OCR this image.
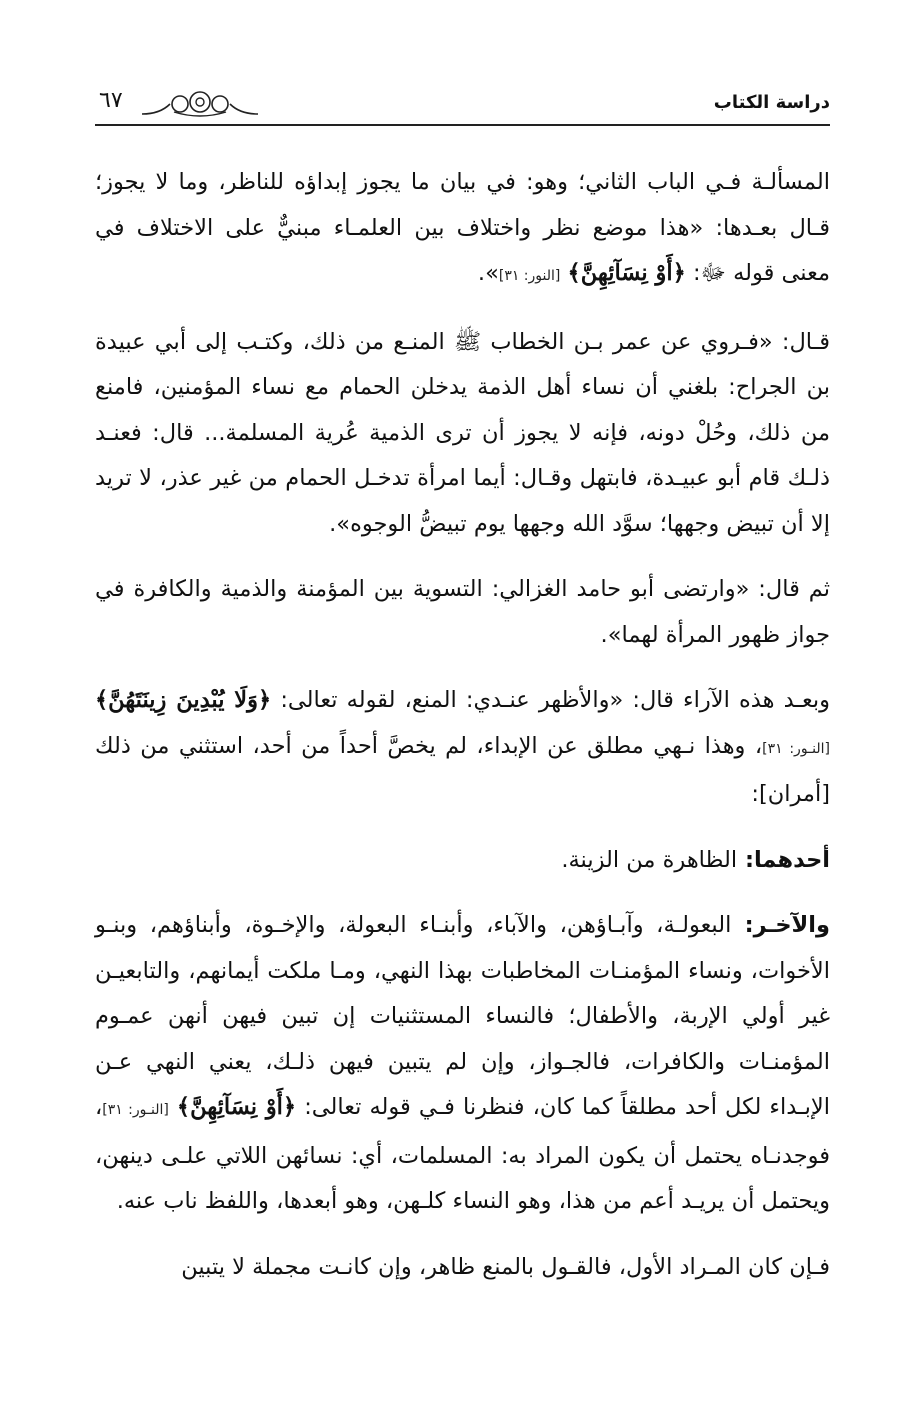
٦٧	دراسة الكتاب

المسألـة فـي الباب الثاني؛ وهو: في بيان ما يجوز إبداؤه للناظر، وما لا يجوز؛ قـال بعـدها: «هذا موضع نظر واختلاف بين العلمـاء مبنيٌّ على الاختلاف في معنى قوله ﷻ: ﴿أَوْ نِسَآئِهِنَّ﴾ [النور: ٣١]».

قـال: «فـروي عن عمر بـن الخطاب ﷺ المنـع من ذلك، وكتـب إلى أبي عبيدة بن الجراح: بلغني أن نساء أهل الذمة يدخلن الحمام مع نساء المؤمنين، فامنع من ذلك، وحُلْ دونه، فإنه لا يجوز أن ترى الذمية عُرية المسلمة... قال: فعنـد ذلـك قام أبو عبيـدة، فابتهل وقـال: أيما امرأة تدخـل الحمام من غير عذر، لا تريد إلا أن تبيض وجهها؛ سوَّد الله وجهها يوم تبيضُّ الوجوه».

ثم قال: «وارتضى أبو حامد الغزالي: التسوية بين المؤمنة والذمية والكافرة في جواز ظهور المرأة لهما».

وبعـد هذه الآراء قال: «والأظهر عنـدي: المنع، لقوله تعالى: ﴿وَلَا يُبْدِينَ زِينَتَهُنَّ﴾ [النـور: ٣١]، وهذا نـهي مطلق عن الإبداء، لم يخصَّ أحداً من أحد، استثني من ذلك [أمران]:

أحدهما: الظاهرة من الزينة.

والآخـر: البعولـة، وآبـاؤهن، والآباء، وأبنـاء البعولة، والإخـوة، وأبناؤهم، وبنـو الأخوات، ونساء المؤمنـات المخاطبات بهذا النهي، ومـا ملكت أيمانهم، والتابعيـن غير أولي الإربة، والأطفال؛ فالنساء المستثنيات إن تبين فيهن أنهن عمـوم المؤمنـات والكافرات، فالجـواز، وإن لم يتبين فيهن ذلـك، يعني النهي عـن الإبـداء لكل أحد مطلقاً كما كان، فنظرنا فـي قوله تعالى: ﴿أَوْ نِسَآئِهِنَّ﴾ [النـور: ٣١]، فوجدنـاه يحتمل أن يكون المراد به: المسلمات، أي: نسائهن اللاتي علـى دينهن، ويحتمل أن يريـد أعم من هذا، وهو النساء كلـهن، وهو أبعدها، واللفظ ناب عنه.

فـإن كان المـراد الأول، فالقـول بالمنع ظاهر، وإن كانـت مجملة لا يتبين
